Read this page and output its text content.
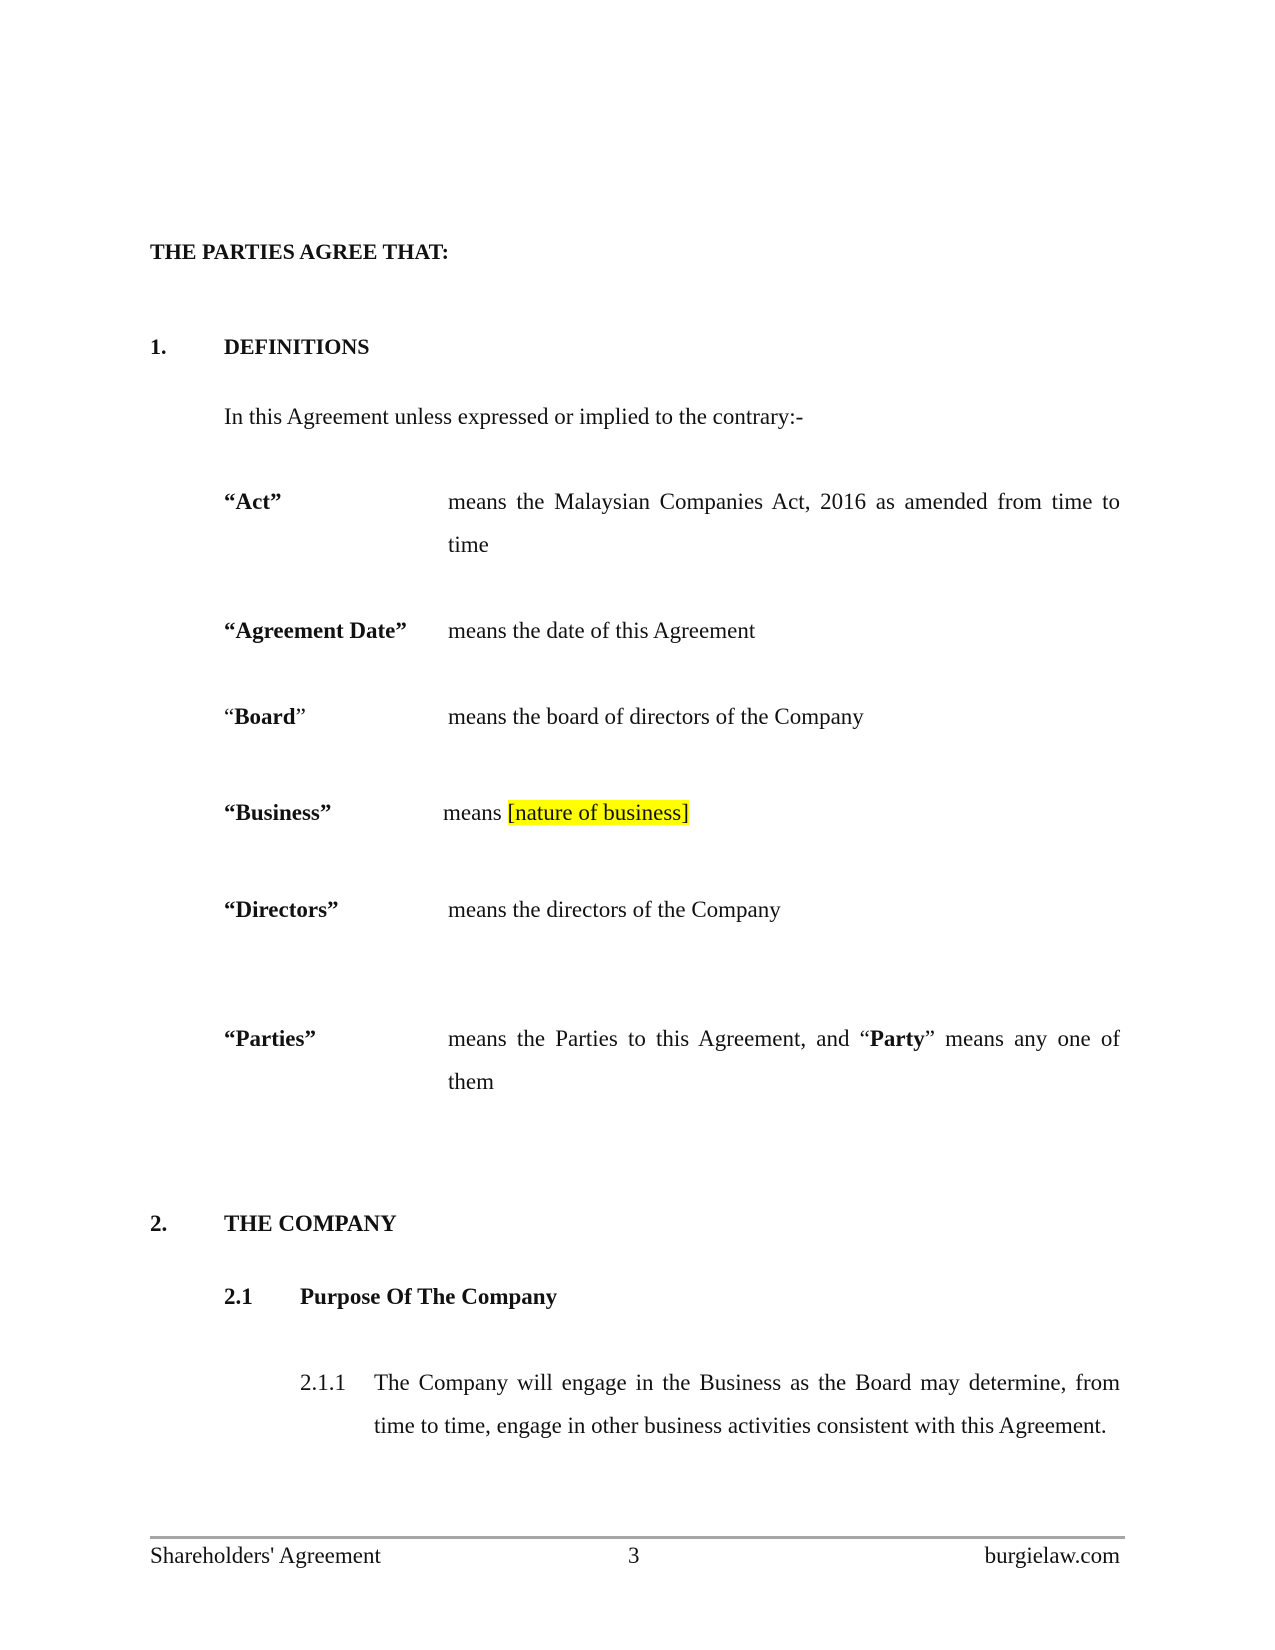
THE PARTIES AGREE THAT:
1.	DEFINITIONS
In this Agreement unless expressed or implied to the contrary:-
“Act”	means the Malaysian Companies Act, 2016 as amended from time to time
“Agreement Date” means the date of this Agreement
“Board”	means the board of directors of the Company
“Business”	means [nature of business]
“Directors”	means the directors of the Company
“Parties”	means the Parties to this Agreement, and “Party” means any one of them
2. THE COMPANY
2.1 Purpose Of The Company
2.1.1 The Company will engage in the Business as the Board may determine, from time to time, engage in other business activities consistent with this Agreement.
Shareholders' Agreement	3	burgielaw.com
